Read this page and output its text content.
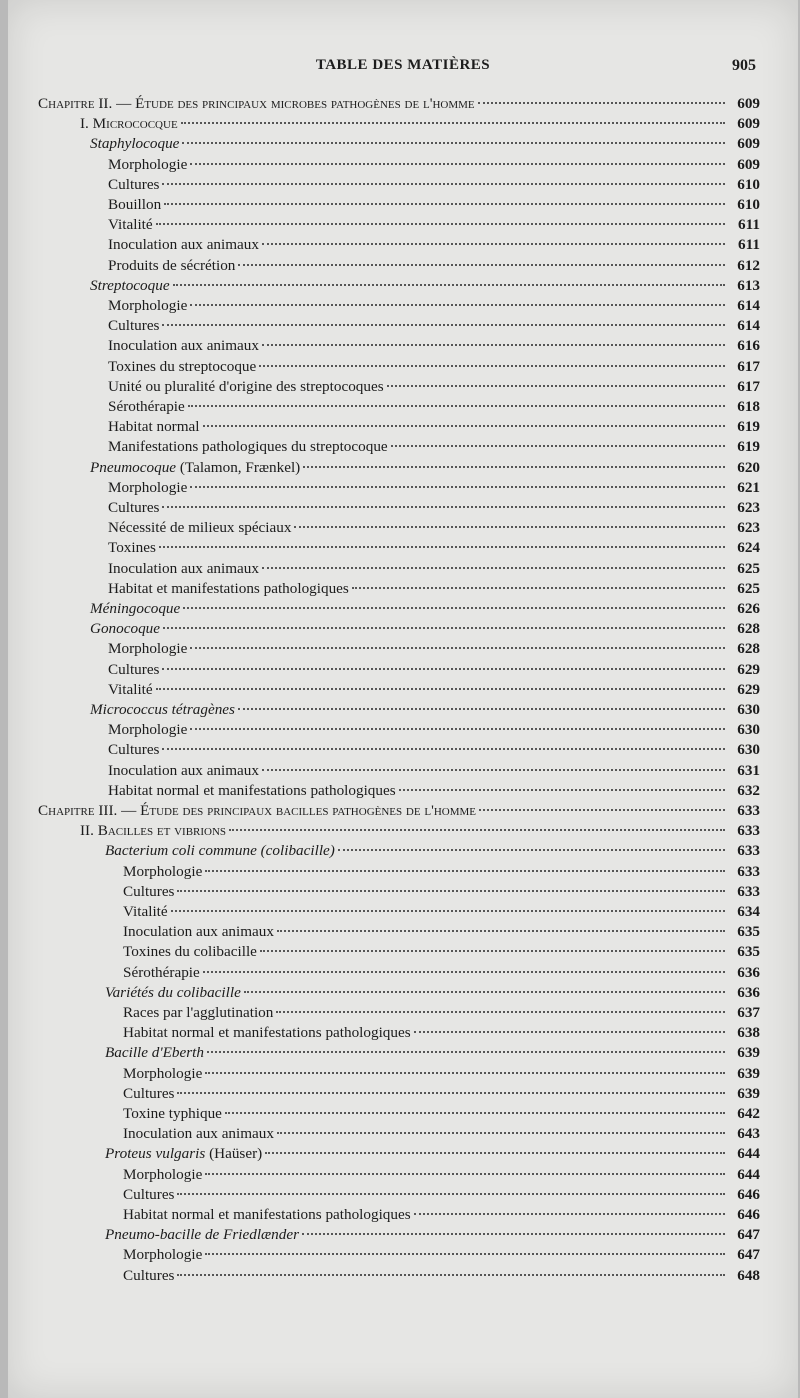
TABLE DES MATIÈRES	905
Chapitre II. — Étude des principaux microbes pathogènes de l'homme	609
I. Micrococque	609
Staphylocoque	609
Morphologie	609
Cultures	610
Bouillon	610
Vitalité	611
Inoculation aux animaux	611
Produits de sécrétion	612
Streptocoque	613
Morphologie	614
Cultures	614
Inoculation aux animaux	616
Toxines du streptocoque	617
Unité ou pluralité d'origine des streptocoques	617
Sérothérapie	618
Habitat normal	619
Manifestations pathologiques du streptocoque	619
Pneumocoque (Talamon, Frænkel)	620
Morphologie	621
Cultures	623
Nécessité de milieux spéciaux	623
Toxines	624
Inoculation aux animaux	625
Habitat et manifestations pathologiques	625
Méningocoque	626
Gonocoque	628
Morphologie	628
Cultures	629
Vitalité	629
Micrococcus tétragènes	630
Morphologie	630
Cultures	630
Inoculation aux animaux	631
Habitat normal et manifestations pathologiques	632
Chapitre III. — Étude des principaux bacilles pathogènes de l'homme	633
II. Bacilles et vibrions	633
Bacterium coli commune (colibacille)	633
Morphologie	633
Cultures	633
Vitalité	634
Inoculation aux animaux	635
Toxines du colibacille	635
Sérothérapie	636
Variétés du colibacille	636
Races par l'agglutination	637
Habitat normal et manifestations pathologiques	638
Bacille d'Eberth	639
Morphologie	639
Cultures	639
Toxine typhique	642
Inoculation aux animaux	643
Proteus vulgaris (Haüser)	644
Morphologie	644
Cultures	646
Habitat normal et manifestations pathologiques	646
Pneumo-bacille de Friedlænder	647
Morphologie	647
Cultures	648
